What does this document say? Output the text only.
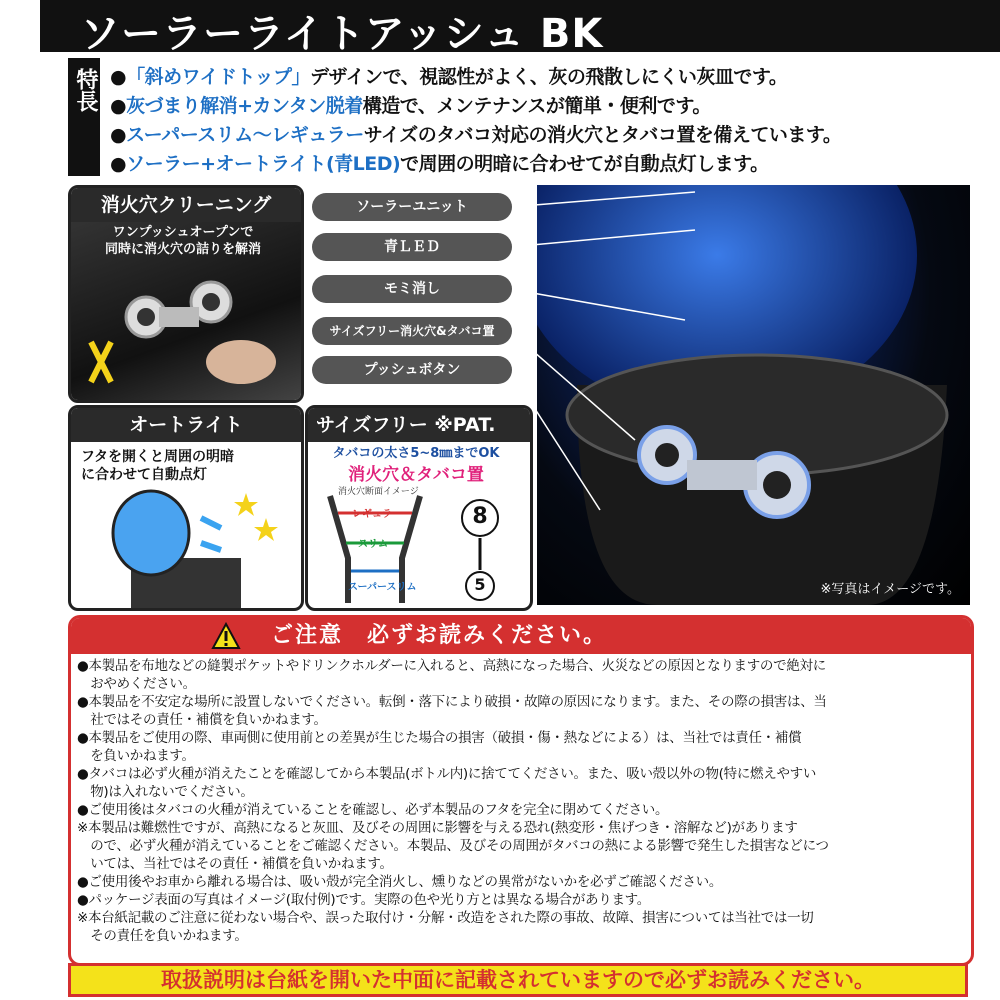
ソーラーライトアッシュ BK
特長 ●「斜めワイドトップ」デザインで、視認性がよく、灰の飛散しにくい灰皿です。
●灰づまり解消+カンタン脱着構造で、メンテナンスが簡単・便利です。
●スーパースリム〜レギュラーサイズのタバコ対応の消火穴とタバコ置を備えています。
●ソーラー+オートライト(青LED)で周囲の明暗に合わせてが自動点灯します。
消火穴クリーニング
ワンプッシュオープンで
同時に消火穴の詰りを解消
オートライト
フタを開くと周囲の明暗
に合わせて自動点灯
サイズフリー ※PAT.
タバコの太さ5~8㎜までOK
消火穴＆タバコ置
消火穴断面イメージ
レギュラー
スリム
スーパースリム
8
5	※写真はイメージです。
ソーラーユニット
青ＬＥＤ
モミ消し
サイズフリー消火穴&タバコ置
プッシュボタン
ご注意　必ずお読みください。
●本製品を布地などの縫製ポケットやドリンクホルダーに入れると、高熱になった場合、火災などの原因となりますので絶対に
　おやめください。
●本製品を不安定な場所に設置しないでください。転倒・落下により破損・故障の原因になります。また、その際の損害は、当
　社ではその責任・補償を負いかねます。
●本製品をご使用の際、車両側に使用前との差異が生じた場合の損害（破損・傷・熱などによる）は、当社では責任・補償
　を負いかねます。
●タバコは必ず火種が消えたことを確認してから本製品(ボトル内)に捨ててください。また、吸い殻以外の物(特に燃えやすい
　物)は入れないでください。
●ご使用後はタバコの火種が消えていることを確認し、必ず本製品のフタを完全に閉めてください。
※本製品は難燃性ですが、高熱になると灰皿、及びその周囲に影響を与える恐れ(熱変形・焦げつき・溶解など)があります
　ので、必ず火種が消えていることをご確認ください。本製品、及びその周囲がタバコの熱による影響で発生した損害などにつ
　いては、当社ではその責任・補償を負いかねます。
●ご使用後やお車から離れる場合は、吸い殻が完全消火し、燻りなどの異常がないかを必ずご確認ください。
●パッケージ表面の写真はイメージ(取付例)です。実際の色や光り方とは異なる場合があります。
※本台紙記載のご注意に従わない場合や、誤った取付け・分解・改造をされた際の事故、故障、損害については当社では一切
　その責任を負いかねます。
取扱説明は台紙を開いた中面に記載されていますので必ずお読みください。
